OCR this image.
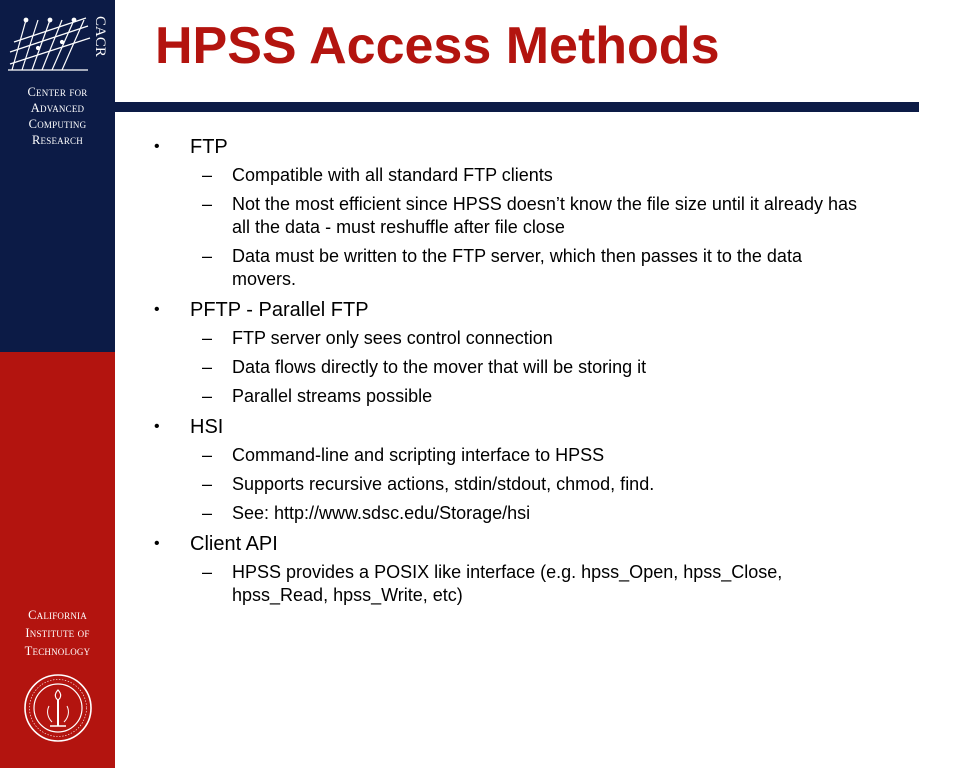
CACR
Center for
Advanced
Computing
Research
California
Institute of
Technology
HPSS Access Methods
• FTP
– Compatible with all standard FTP clients
– Not the most efficient since HPSS doesn’t know the file size until it already has all the data - must reshuffle after file close
– Data must be written to the FTP server, which then passes it to the data movers.
• PFTP - Parallel FTP
– FTP server only sees control connection
– Data flows directly to the mover that will be storing it
– Parallel streams possible
• HSI
– Command-line and scripting interface to HPSS
– Supports recursive actions, stdin/stdout, chmod, find.
– See: http://www.sdsc.edu/Storage/hsi
• Client API
– HPSS provides a POSIX like interface (e.g. hpss_Open, hpss_Close, hpss_Read, hpss_Write, etc)
